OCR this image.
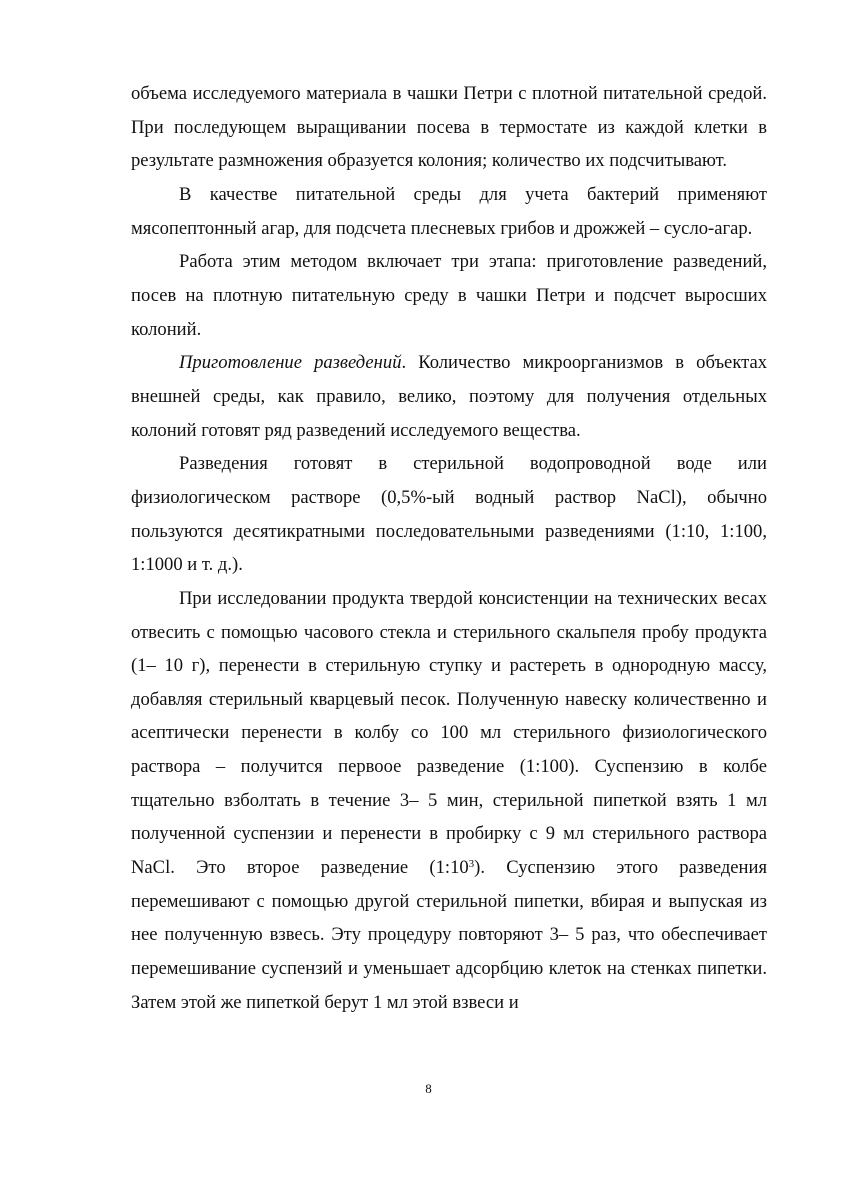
объема исследуемого материала в чашки Петри с плотной питательной средой. При последующем выращивании посева в термостате из каждой клетки в результате размножения образуется колония; количество их подсчитывают.

В качестве питательной среды для учета бактерий применяют мясопептонный агар, для подсчета плесневых грибов и дрожжей – сусло-агар.

Работа этим методом включает три этапа: приготовление разведений, посев на плотную питательную среду в чашки Петри и подсчет выросших колоний.

Приготовление разведений. Количество микроорганизмов в объектах внешней среды, как правило, велико, поэтому для получения отдельных колоний готовят ряд разведений исследуемого вещества.

Разведения готовят в стерильной водопроводной воде или физиологическом растворе (0,5%-ый водный раствор NaCl), обычно пользуются десятикратными последовательными разведениями (1:10, 1:100,

1:1000 и т. д.).

При исследовании продукта твердой консистенции на технических весах отвесить с помощью часового стекла и стерильного скальпеля пробу продукта (1– 10 г), перенести в стерильную ступку и растереть в однородную массу, добавляя стерильный кварцевый песок. Полученную навеску количественно и асептически перенести в колбу со 100 мл стерильного физиологического раствора – получится первоое разведение (1:100). Суспензию в колбе тщательно взболтать в течение 3– 5 мин, стерильной пипеткой взять 1 мл полученной суспензии и перенести в пробирку с 9 мл стерильного раствора NaCl. Это второе разведение $(1:10^3)$. Суспензию этого разведения перемешивают с помощью другой стерильной пипетки, вбирая и выпуская из нее полученную взвесь. Эту процедуру повторяют 3– 5 раз, что обеспечивает перемешивание суспензий и уменьшает адсорбцию клеток на стенках пипетки. Затем этой же пипеткой берут 1 мл этой взвеси и

8
